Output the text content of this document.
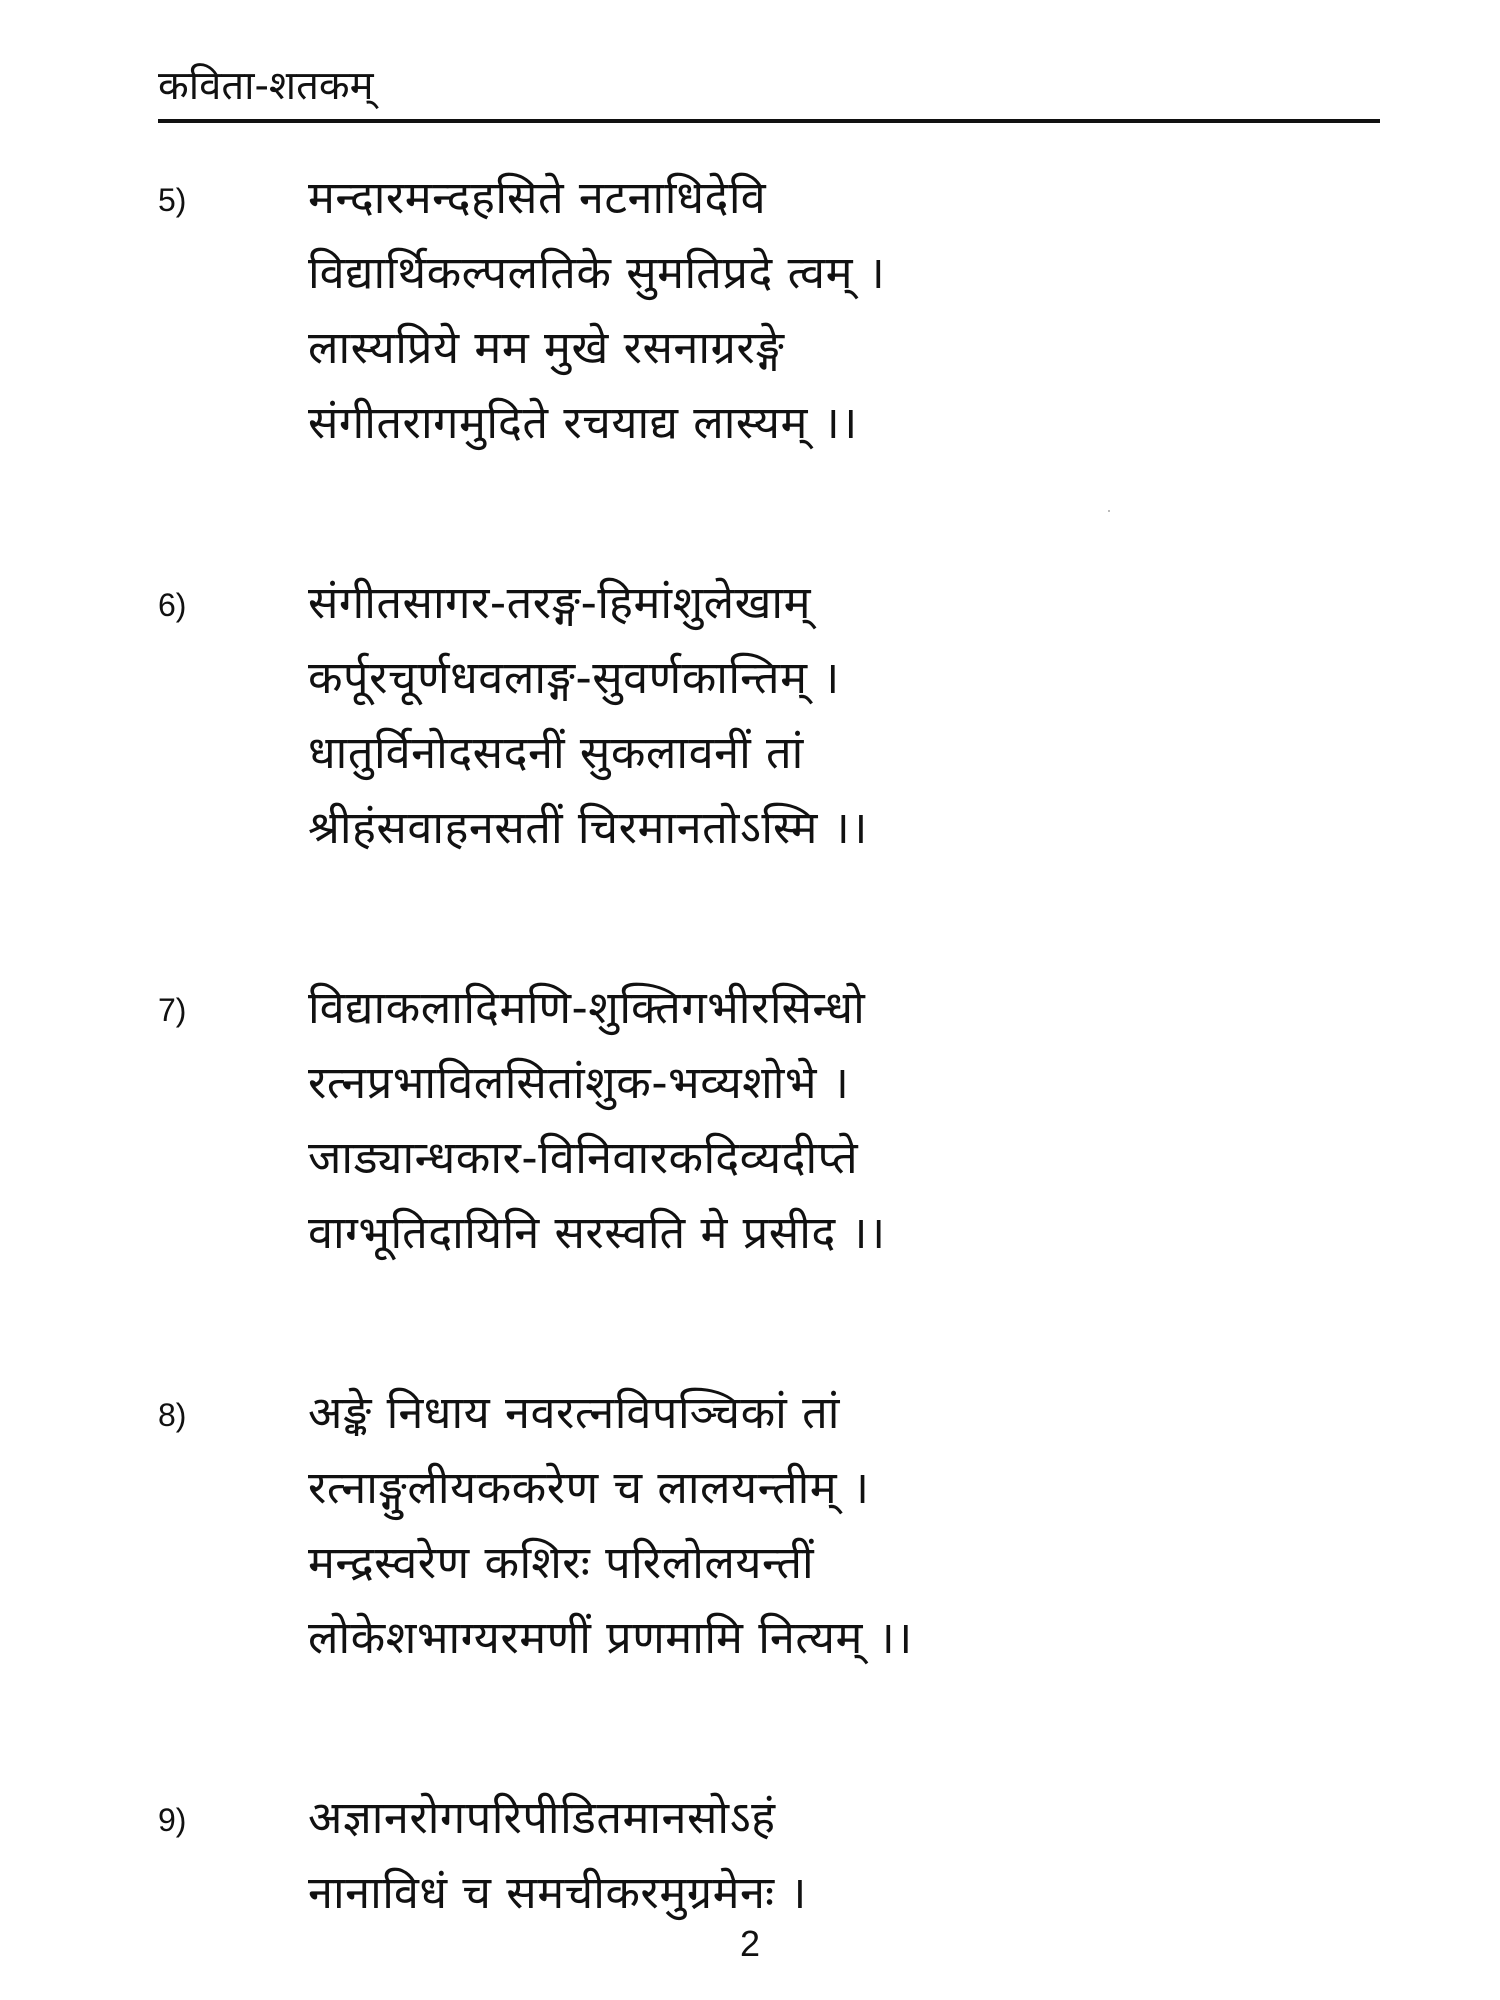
कविता-शतकम्
5)	मन्दारमन्दहसिते नटनाधिदेवि
विद्यार्थिकल्पलतिके सुमतिप्रदे त्वम् ।
लास्यप्रिये मम मुखे रसनाग्ररङ्गे
संगीतरागमुदिते रचयाद्य लास्यम् ।।
6)	संगीतसागर-तरङ्ग-हिमांशुलेखाम्
कर्पूरचूर्णधवलाङ्ग-सुवर्णकान्तिम् ।
धातुर्विनोदसदनीं सुकलावनीं तां
श्रीहंसवाहनसतीं चिरमानतोऽस्मि ।।
7)	विद्याकलादिमणि-शुक्तिगभीरसिन्धो
रत्नप्रभाविलसितांशुक-भव्यशोभे ।
जाड्यान्धकार-विनिवारकदिव्यदीप्ते
वाग्भूतिदायिनि सरस्वति मे प्रसीद ।।
8)	अङ्के निधाय नवरत्नविपञ्चिकां तां
रत्नाङ्गुलीयककरेण च लालयन्तीम् ।
मन्द्रस्वरेण कशिरः परिलोलयन्तीं
लोकेशभाग्यरमणीं प्रणमामि नित्यम् ।।
9)	अज्ञानरोगपरिपीडितमानसोऽहं
नानाविधं च समचीकरमुग्रमेनः ।
2
